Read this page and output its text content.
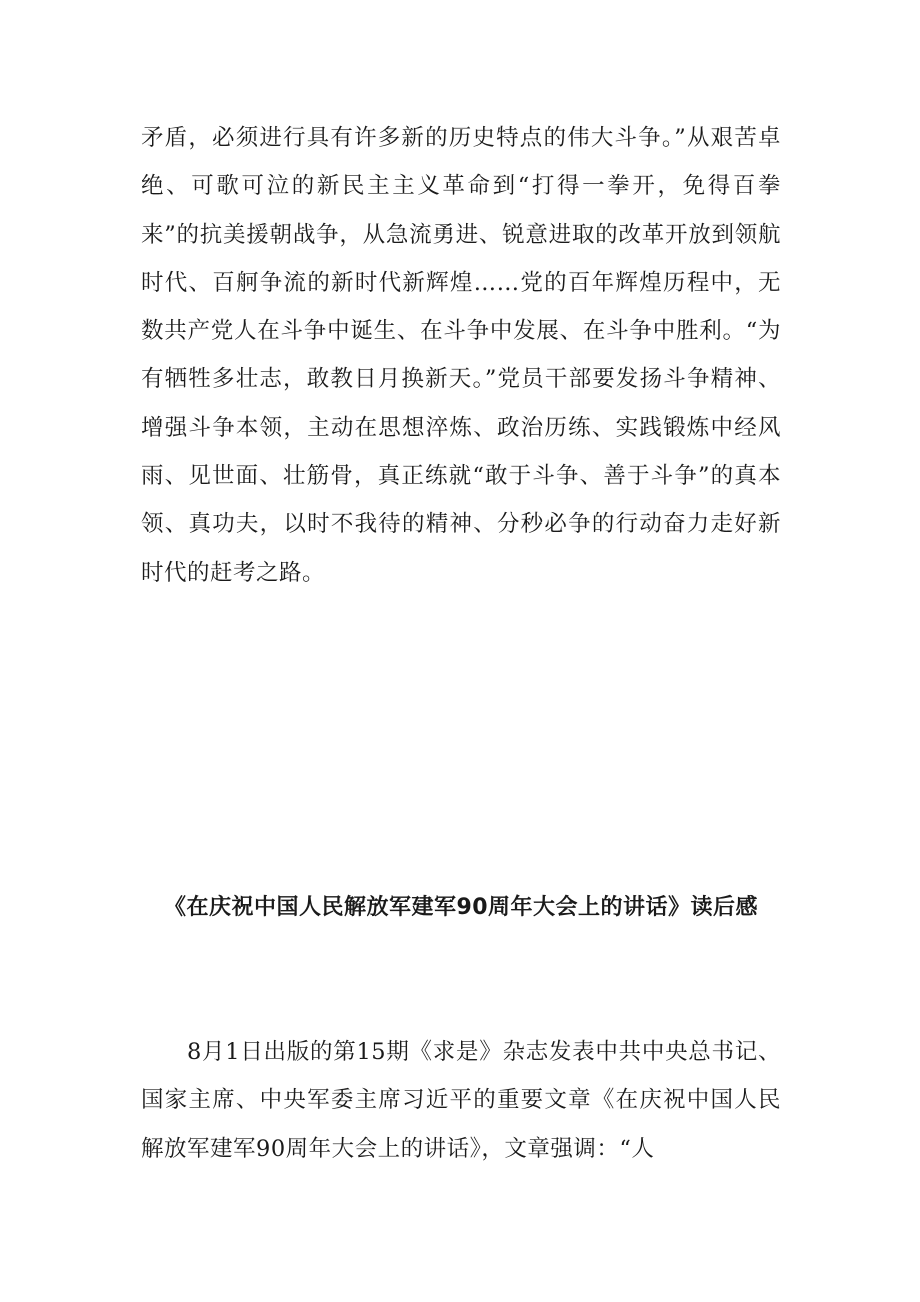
矛盾，必须进行具有许多新的历史特点的伟大斗争。”从艰苦卓绝、可歌可泣的新民主主义革命到“打得一拳开，免得百拳来”的抗美援朝战争，从急流勇进、锐意进取的改革开放到领航时代、百舸争流的新时代新辉煌……党的百年辉煌历程中，无数共产党人在斗争中诞生、在斗争中发展、在斗争中胜利。“为有牺牲多壮志，敢教日月换新天。”党员干部要发扬斗争精神、增强斗争本领，主动在思想淬炼、政治历练、实践锻炼中经风雨、见世面、壮筋骨，真正练就“敢于斗争、善于斗争”的真本领、真功夫，以时不我待的精神、分秒必争的行动奋力走好新时代的赶考之路。

《在庆祝中国人民解放军建军90周年大会上的讲话》读后感

8月1日出版的第15期《求是》杂志发表中共中央总书记、国家主席、中央军委主席习近平的重要文章《在庆祝中国人民解放军建军90周年大会上的讲话》，文章强调：“人
